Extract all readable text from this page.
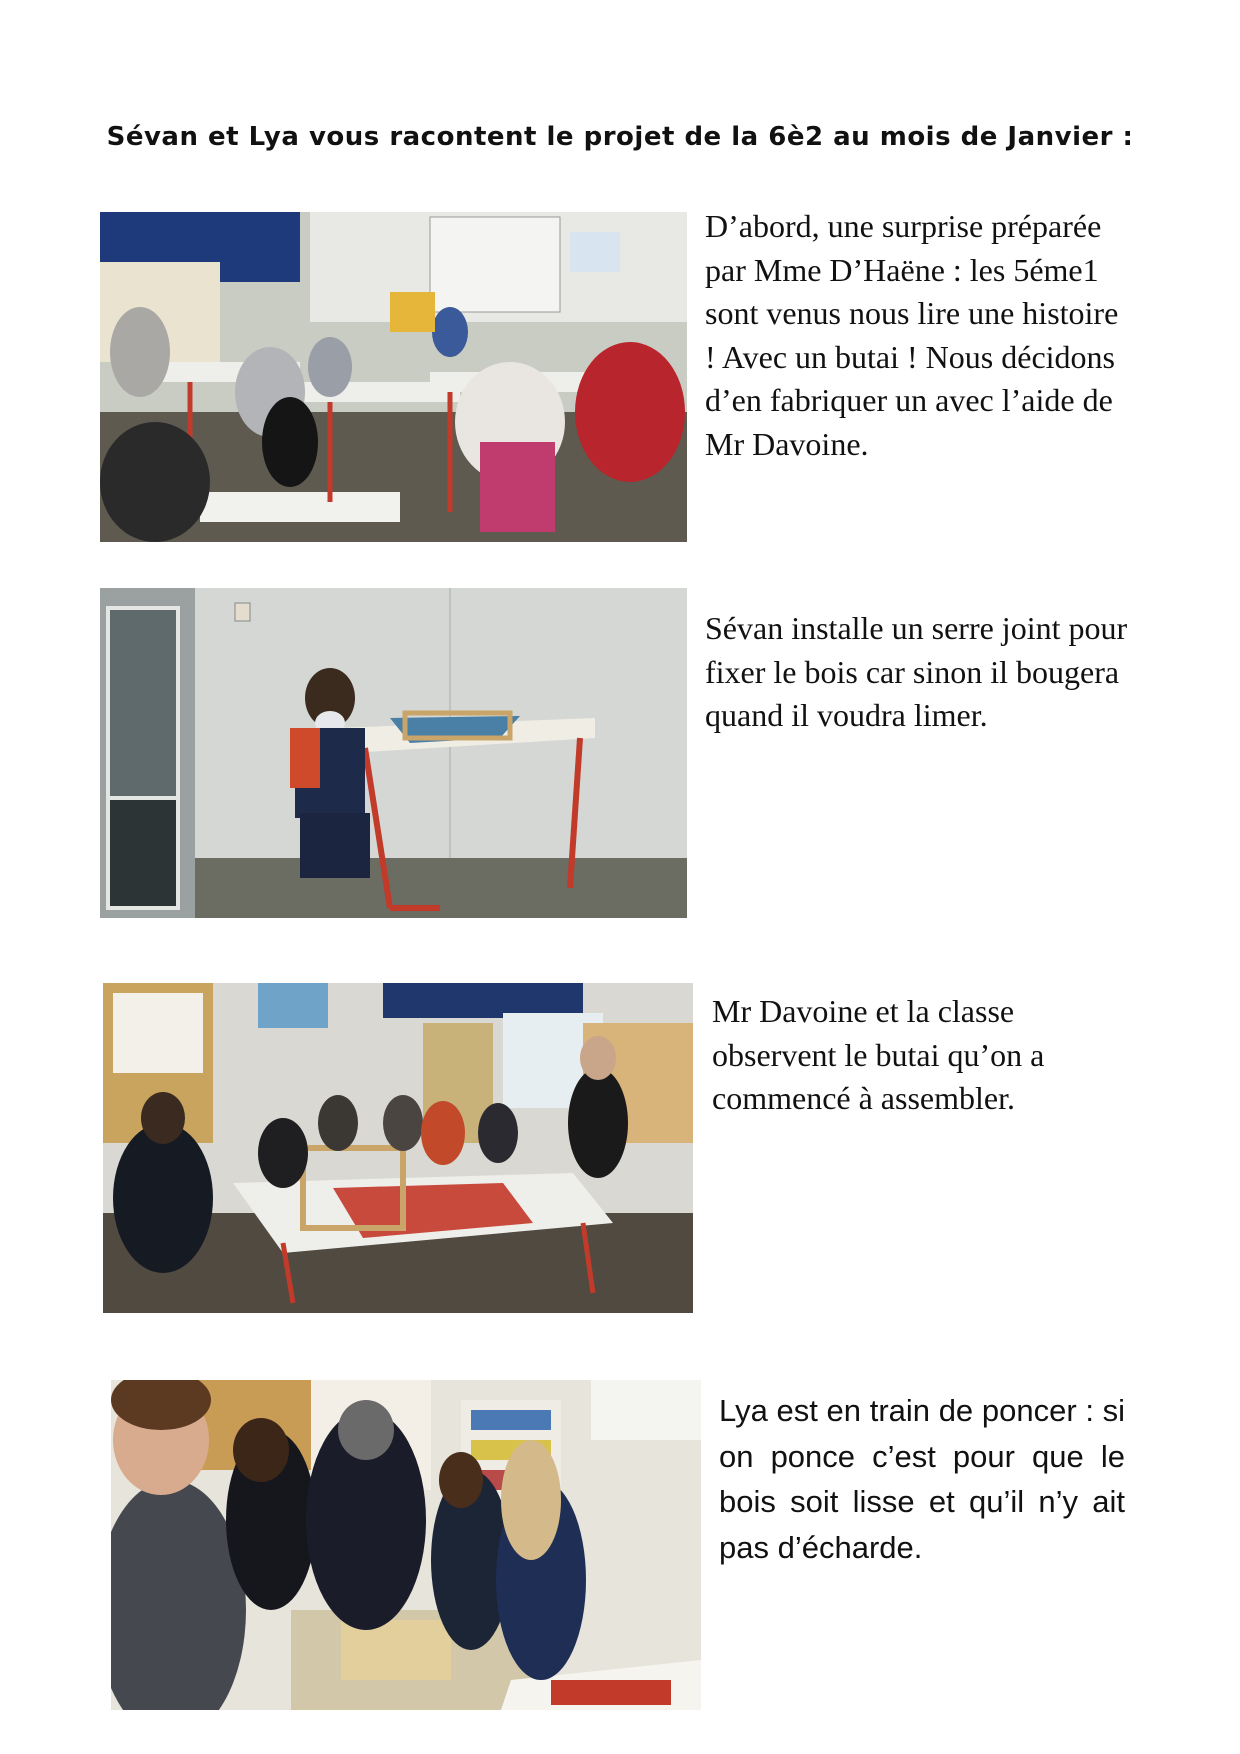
Sévan et Lya vous racontent le projet de la 6è2 au mois de Janvier :
D’abord, une surprise préparée par Mme D’Haëne : les 5éme1 sont venus nous lire une histoire ! Avec un butai ! Nous décidons d’en fabriquer un avec l’aide de Mr Davoine.
Sévan installe un serre joint pour fixer le bois car sinon il bougera quand il voudra limer.
Mr Davoine et la classe observent le butai qu’on a commencé à assembler.
Lya est en train de poncer : si on ponce c’est pour que le bois soit lisse et qu’il n’y ait pas d’écharde.
